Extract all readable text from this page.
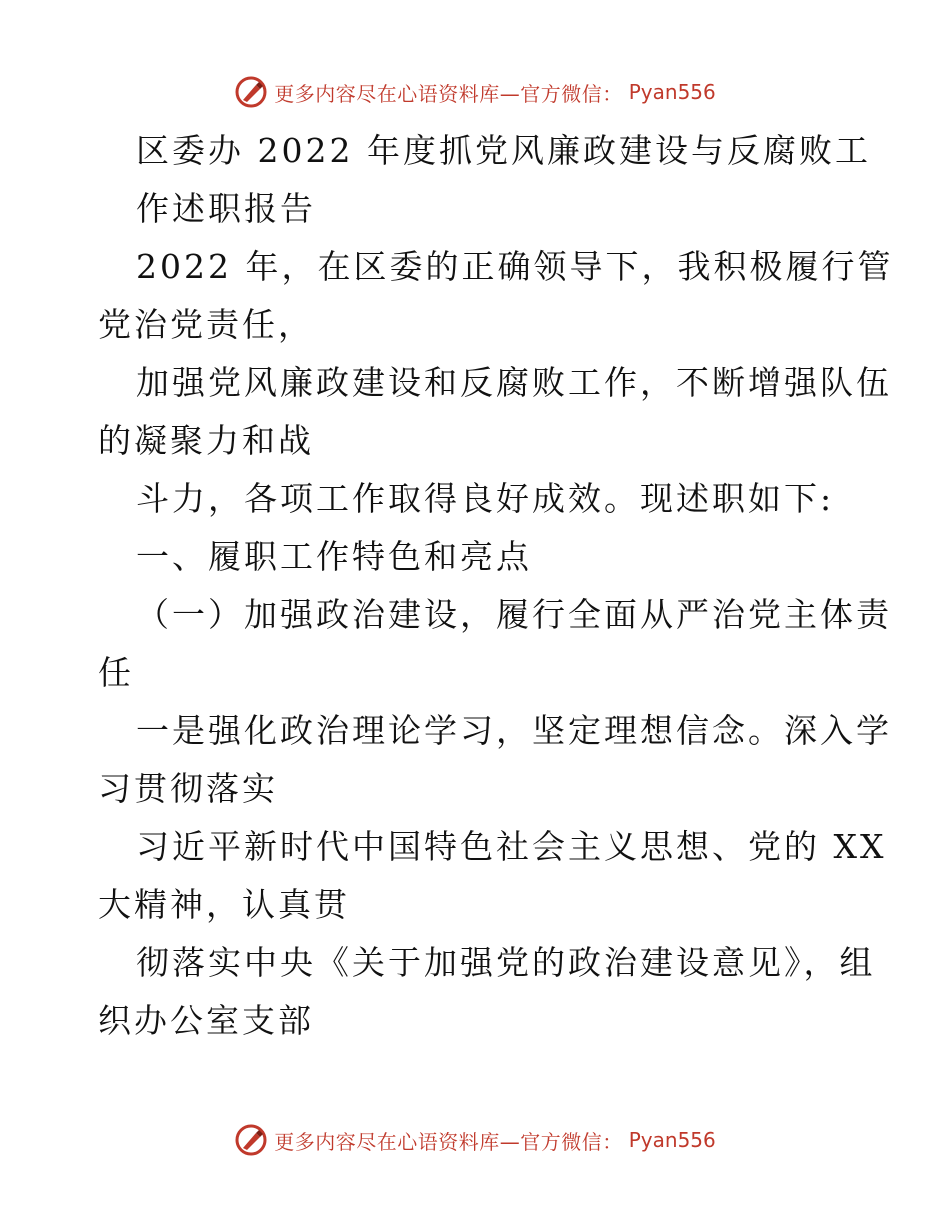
更多内容尽在心语资料库—官方微信： Pyan556
区委办 2022 年度抓党风廉政建设与反腐败工
作述职报告
2022 年，在区委的正确领导下，我积极履行管
党治党责任，
加强党风廉政建设和反腐败工作，不断增强队伍
的凝聚力和战
斗力，各项工作取得良好成效。现述职如下:
一、履职工作特色和亮点
（一）加强政治建设，履行全面从严治党主体责
任
一是强化政治理论学习，坚定理想信念。深入学
习贯彻落实
习近平新时代中国特色社会主义思想、党的 XX
大精神，认真贯
彻落实中央《关于加强党的政治建设意见》，组
织办公室支部
更多内容尽在心语资料库—官方微信： Pyan556
